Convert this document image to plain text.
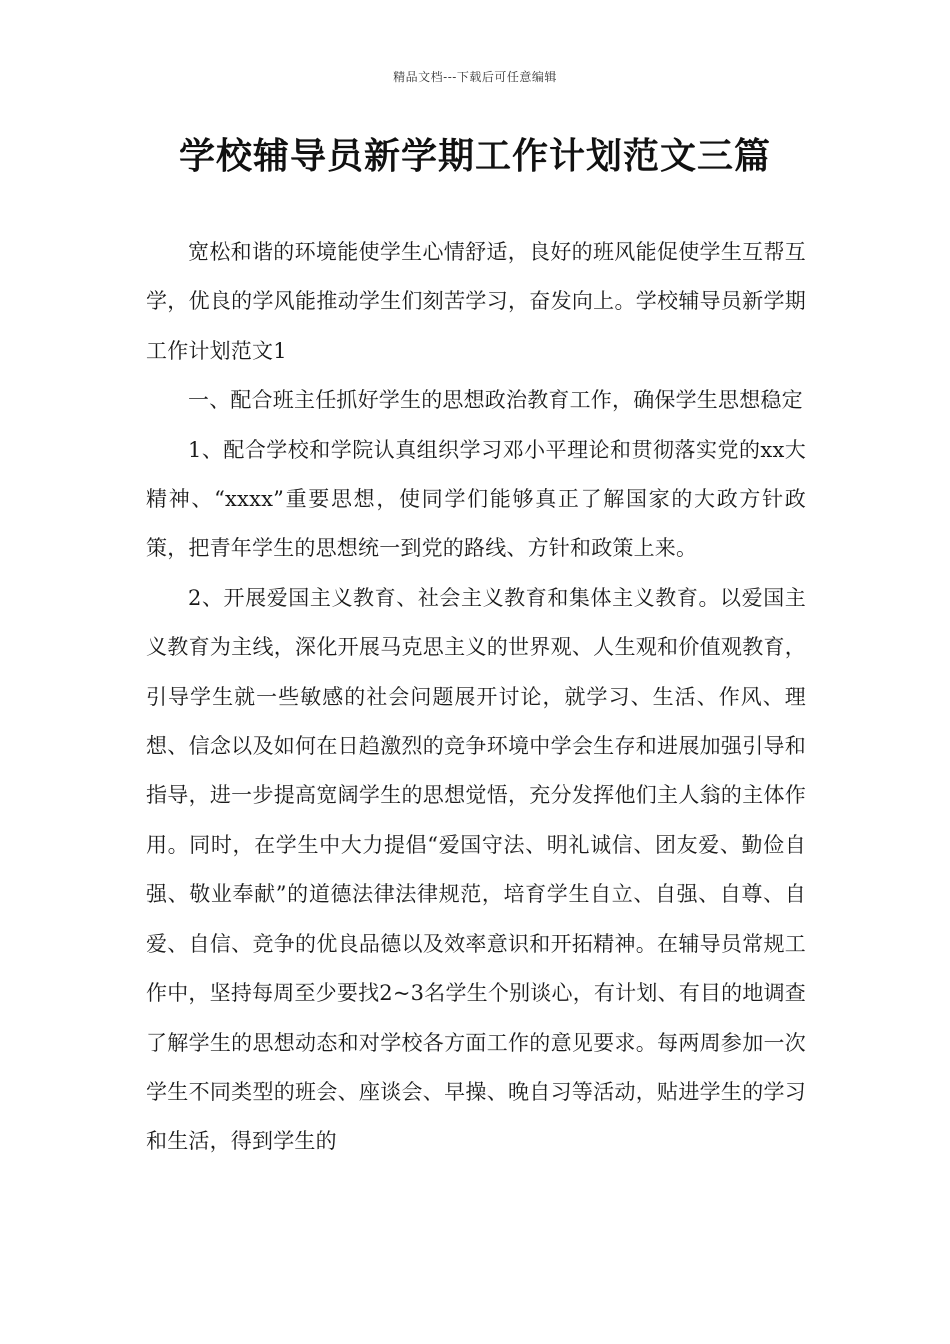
精品文档---下载后可任意编辑
学校辅导员新学期工作计划范文三篇

宽松和谐的环境能使学生心情舒适，良好的班风能促使学生互帮互学，优良的学风能推动学生们刻苦学习，奋发向上。学校辅导员新学期工作计划范文1

一、配合班主任抓好学生的思想政治教育工作，确保学生思想稳定

1、配合学校和学院认真组织学习邓小平理论和贯彻落实党的xx大精神、“xxxx”重要思想，使同学们能够真正了解国家的大政方针政策，把青年学生的思想统一到党的路线、方针和政策上来。

2、开展爱国主义教育、社会主义教育和集体主义教育。以爱国主义教育为主线，深化开展马克思主义的世界观、人生观和价值观教育，引导学生就一些敏感的社会问题展开讨论，就学习、生活、作风、理想、信念以及如何在日趋激烈的竞争环境中学会生存和进展加强引导和指导，进一步提高宽阔学生的思想觉悟，充分发挥他们主人翁的主体作用。同时，在学生中大力提倡“爱国守法、明礼诚信、团友爱、勤俭自强、敬业奉献”的道德法律法律规范，培育学生自立、自强、自尊、自爱、自信、竞争的优良品德以及效率意识和开拓精神。在辅导员常规工作中，坚持每周至少要找2~3名学生个别谈心，有计划、有目的地调查了解学生的思想动态和对学校各方面工作的意见要求。每两周参加一次学生不同类型的班会、座谈会、早操、晚自习等活动，贴进学生的学习和生活，得到学生的
